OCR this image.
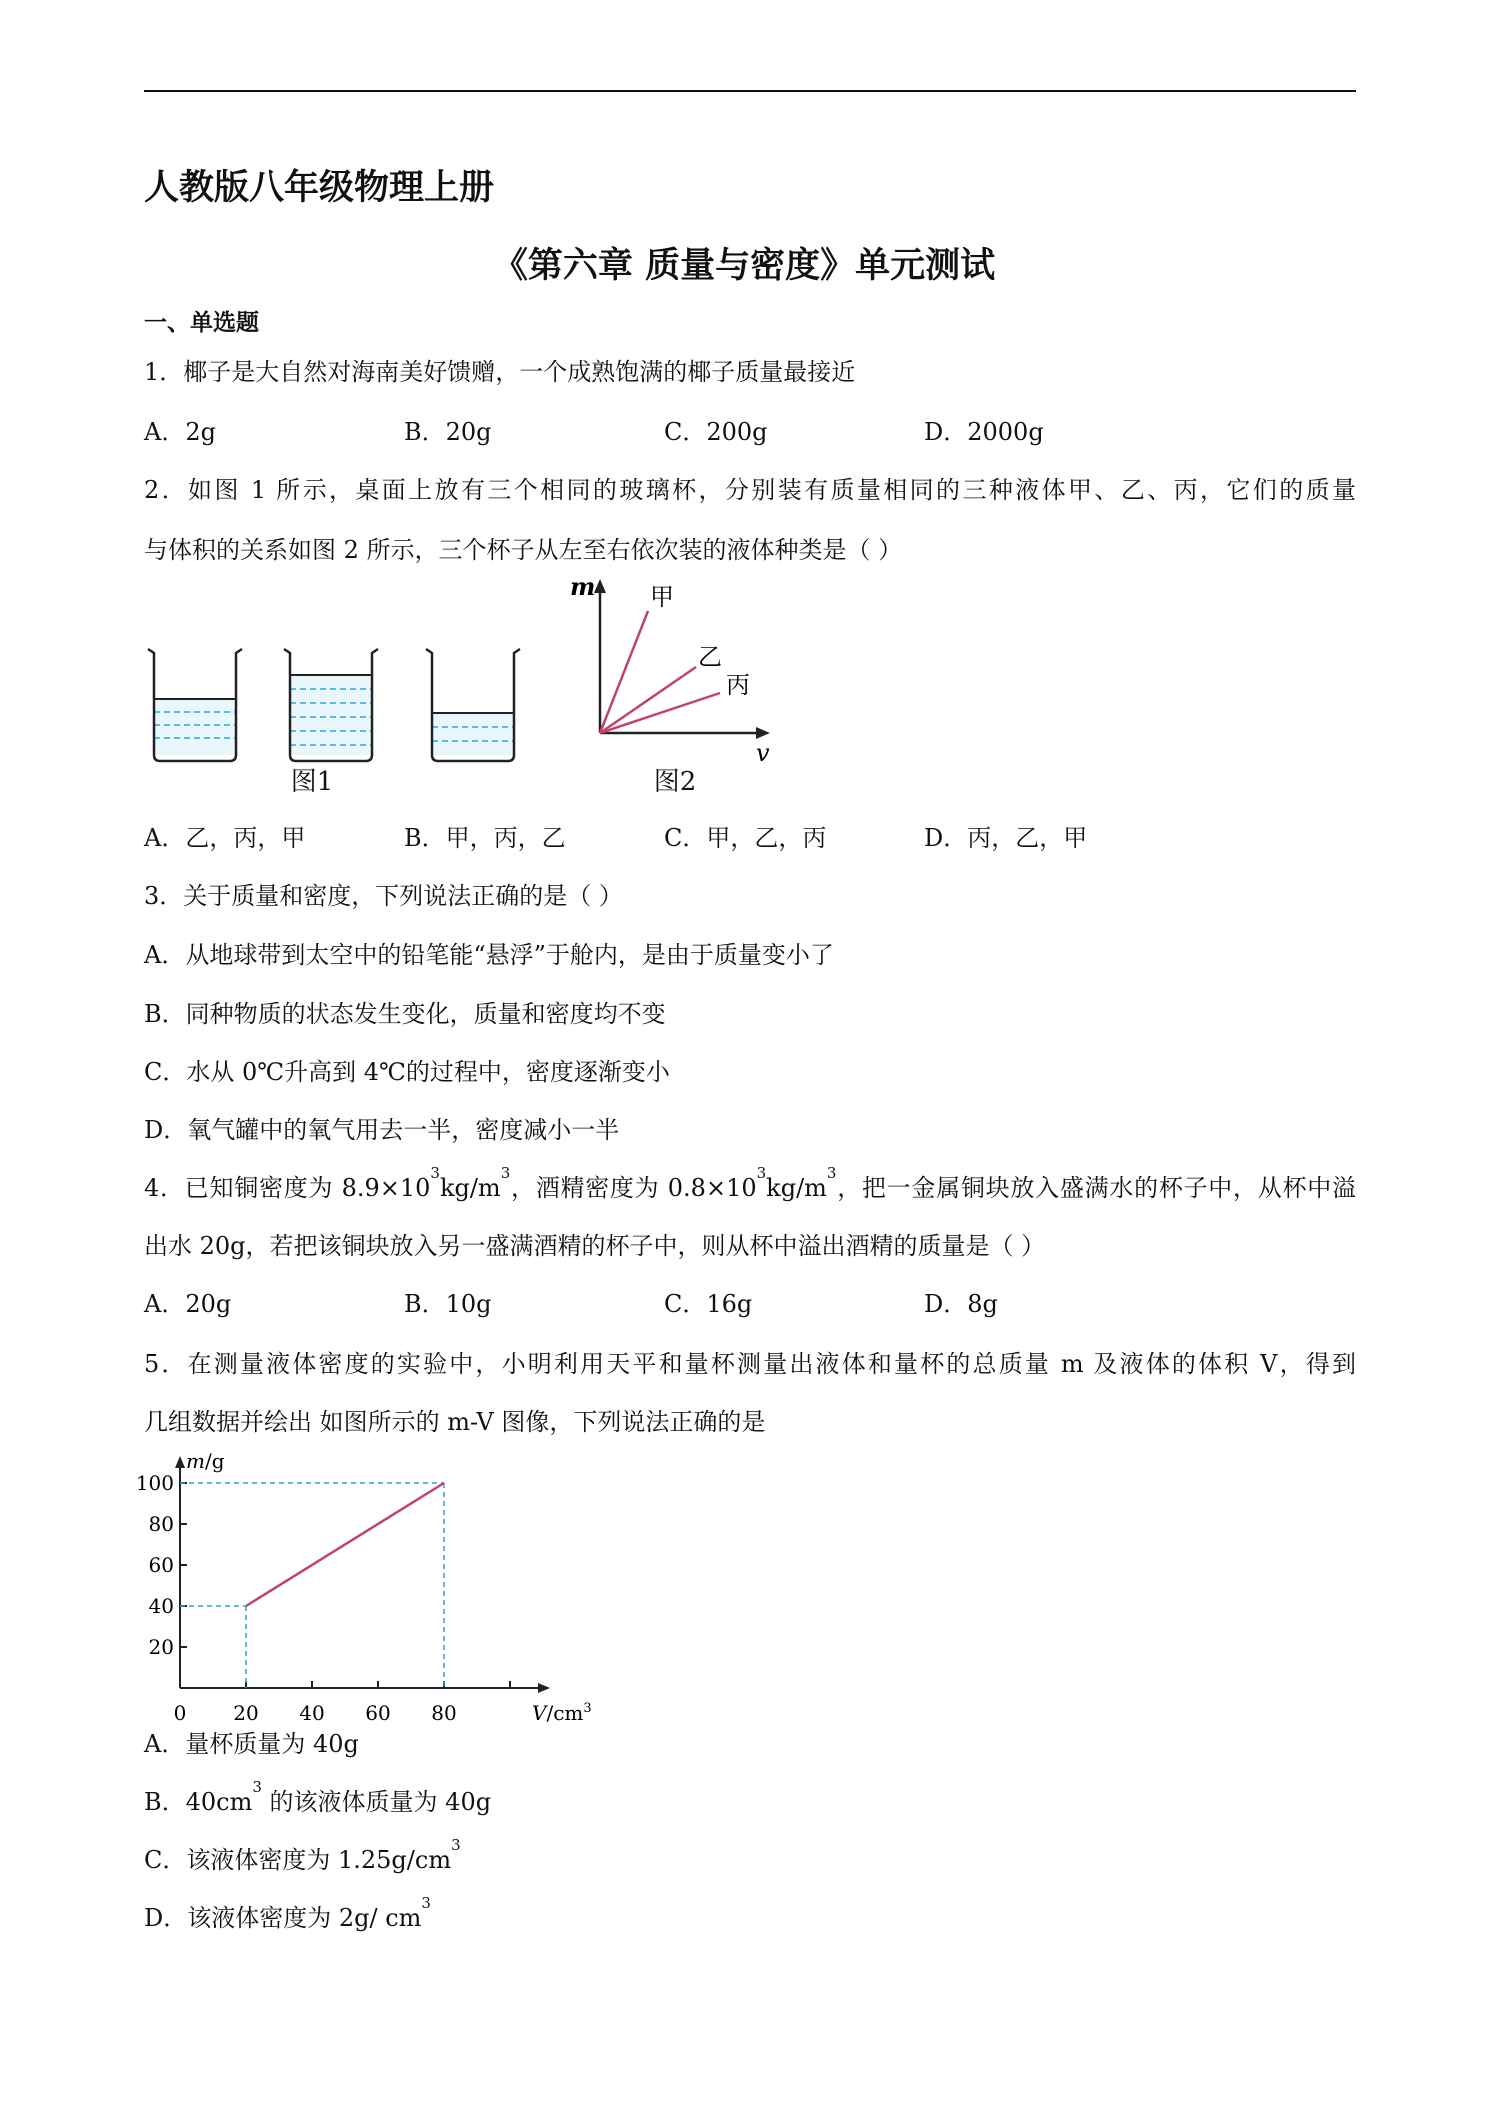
人教版八年级物理上册
《第六章 质量与密度》单元测试
一、单选题
1．椰子是大自然对海南美好馈赠，一个成熟饱满的椰子质量最接近
A．2g	B．20g	C．200g	D．2000g
2．如图 1 所示，桌面上放有三个相同的玻璃杯，分别装有质量相同的三种液体甲、乙、丙，它们的质量
与体积的关系如图 2 所示，三个杯子从左至右依次装的液体种类是（ ）
图1
m
v
甲
乙
丙
图2
A．乙，丙，甲	B．甲，丙，乙	C．甲，乙，丙	D．丙，乙，甲
3．关于质量和密度，下列说法正确的是（ ）
A．从地球带到太空中的铅笔能“悬浮”于舱内，是由于质量变小了
B．同种物质的状态发生变化，质量和密度均不变
C．水从 0℃升高到 4℃的过程中，密度逐渐变小
D．氧气罐中的氧气用去一半，密度减小一半
4．已知铜密度为 $8.9\times 10^3kg/m^3$，酒精密度为 $0.8\times 10^3kg/m^3$，把一金属铜块放入盛满水的杯子中，从杯中溢
出水 20g，若把该铜块放入另一盛满酒精的杯子中，则从杯中溢出酒精的质量是（ ）
A．20g	B．10g	C．16g	D．8g
5．在测量液体密度的实验中，小明利用天平和量杯测量出液体和量杯的总质量 m 及液体的体积 V，得到
几组数据并绘出 如图所示的 m-V 图像，下列说法正确的是
m/g
$V/cm^3$
20
40
60
80
100
0 20 40 60 80
A．量杯质量为 40g
B．$40cm^3$ 的该液体质量为 40g
C．该液体密度为 $1.25g/cm^3$
D．该液体密度为 2g/ $cm^3$
